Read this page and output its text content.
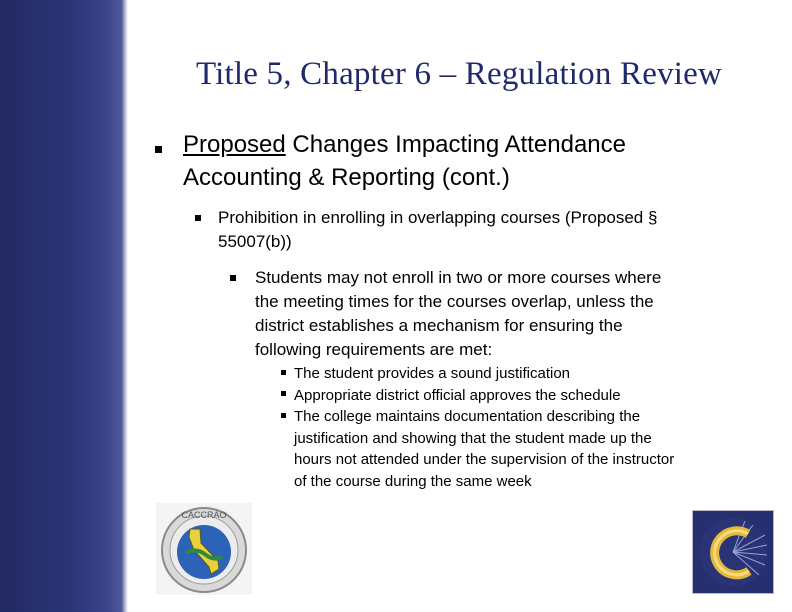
Title 5, Chapter 6 – Regulation Review
Proposed Changes Impacting Attendance
Accounting & Reporting (cont.)
Prohibition in enrolling in overlapping courses (Proposed §
55007(b))
Students may not enroll in two or more courses where
the meeting times for the courses overlap, unless the
district establishes a mechanism for ensuring the
following requirements are met:
The student provides a sound justification
Appropriate district official approves the schedule
The college maintains documentation describing the
justification and showing that the student made up the
hours not attended under the supervision of the instructor
of the course during the same week
CACCRAO
